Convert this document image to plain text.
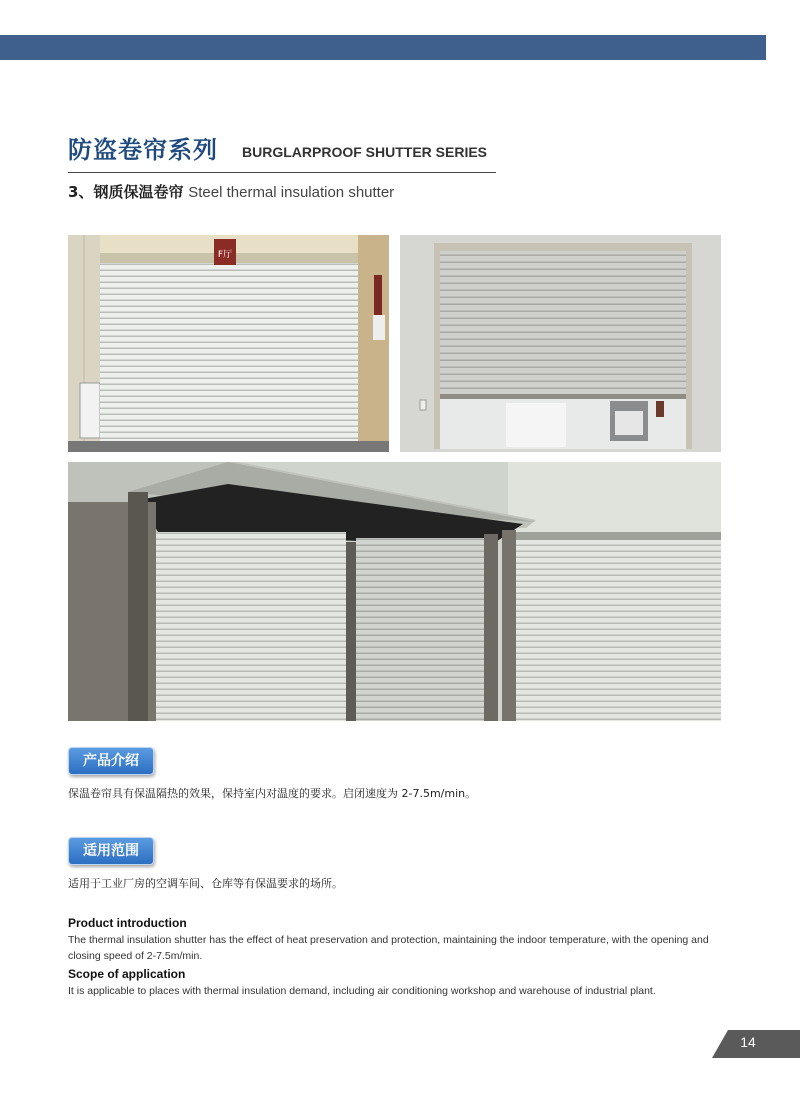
防盗卷帘系列 BURGLARPROOF SHUTTER SERIES
3、钢质保温卷帘 Steel thermal insulation shutter
F厅
产品介绍
保温卷帘具有保温隔热的效果，保持室内对温度的要求。启闭速度为 2-7.5m/min。
适用范围
适用于工业厂房的空调车间、仓库等有保温要求的场所。
Product introduction
The thermal insulation shutter has the effect of heat preservation and protection, maintaining the indoor temperature, with the opening and closing speed of 2-7.5m/min.
Scope of application
It is applicable to places with thermal insulation demand, including air conditioning workshop and warehouse of industrial plant.
14
